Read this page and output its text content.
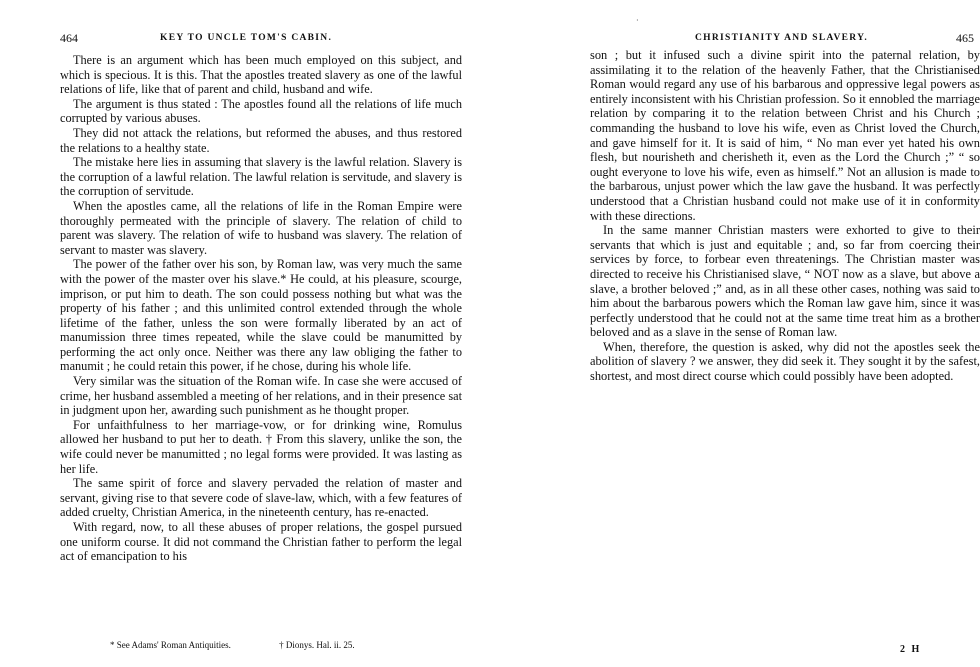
464	KEY TO UNCLE TOM'S CABIN.

There is an argument which has been much employed on this subject, and which is specious. It is this. That the apostles treated slavery as one of the lawful relations of life, like that of parent and child, husband and wife.

The argument is thus stated : The apostles found all the relations of life much corrupted by various abuses.

They did not attack the relations, but reformed the abuses, and thus restored the relations to a healthy state.

The mistake here lies in assuming that slavery is the lawful relation. Slavery is the corruption of a lawful relation. The lawful relation is servitude, and slavery is the corruption of servitude.

When the apostles came, all the relations of life in the Roman Empire were thoroughly permeated with the principle of slavery. The relation of child to parent was slavery. The relation of wife to husband was slavery. The relation of servant to master was slavery.

The power of the father over his son, by Roman law, was very much the same with the power of the master over his slave.* He could, at his pleasure, scourge, imprison, or put him to death. The son could possess nothing but what was the property of his father ; and this unlimited control extended through the whole lifetime of the father, unless the son were formally liberated by an act of manumission three times repeated, while the slave could be manumitted by performing the act only once. Neither was there any law obliging the father to manumit ; he could retain this power, if he chose, during his whole life.

Very similar was the situation of the Roman wife. In case she were accused of crime, her husband assembled a meeting of her relations, and in their presence sat in judgment upon her, awarding such punishment as he thought proper.

For unfaithfulness to her marriage-vow, or for drinking wine, Romulus allowed her husband to put her to death. † From this slavery, unlike the son, the wife could never be manumitted ; no legal forms were provided. It was lasting as her life.

The same spirit of force and slavery pervaded the relation of master and servant, giving rise to that severe code of slave-law, which, with a few features of added cruelty, Christian America, in the nineteenth century, has re-enacted.

With regard, now, to all these abuses of proper relations, the gospel pursued one uniform course. It did not command the Christian father to perform the legal act of emancipation to his

* See Adams' Roman Antiquities.	† Dionys. Hal. ii. 25.
·
CHRISTIANITY AND SLAVERY.	465

son ; but it infused such a divine spirit into the paternal relation, by assimilating it to the relation of the heavenly Father, that the Christianised Roman would regard any use of his barbarous and oppressive legal powers as entirely inconsistent with his Christian profession. So it ennobled the marriage relation by comparing it to the relation between Christ and his Church ; commanding the husband to love his wife, even as Christ loved the Church, and gave himself for it. It is said of him, “ No man ever yet hated his own flesh, but nourisheth and cherisheth it, even as the Lord the Church ;” “ so ought everyone to love his wife, even as himself.” Not an allusion is made to the barbarous, unjust power which the law gave the husband. It was perfectly understood that a Christian husband could not make use of it in conformity with these directions.

In the same manner Christian masters were exhorted to give to their servants that which is just and equitable ; and, so far from coercing their services by force, to forbear even threatenings. The Christian master was directed to receive his Christianised slave, “ NOT now as a slave, but above a slave, a brother beloved ;” and, as in all these other cases, nothing was said to him about the barbarous powers which the Roman law gave him, since it was perfectly understood that he could not at the same time treat him as a brother beloved and as a slave in the sense of Roman law.

When, therefore, the question is asked, why did not the apostles seek the abolition of slavery ? we answer, they did seek it. They sought it by the safest, shortest, and most direct course which could possibly have been adopted.

2 H
